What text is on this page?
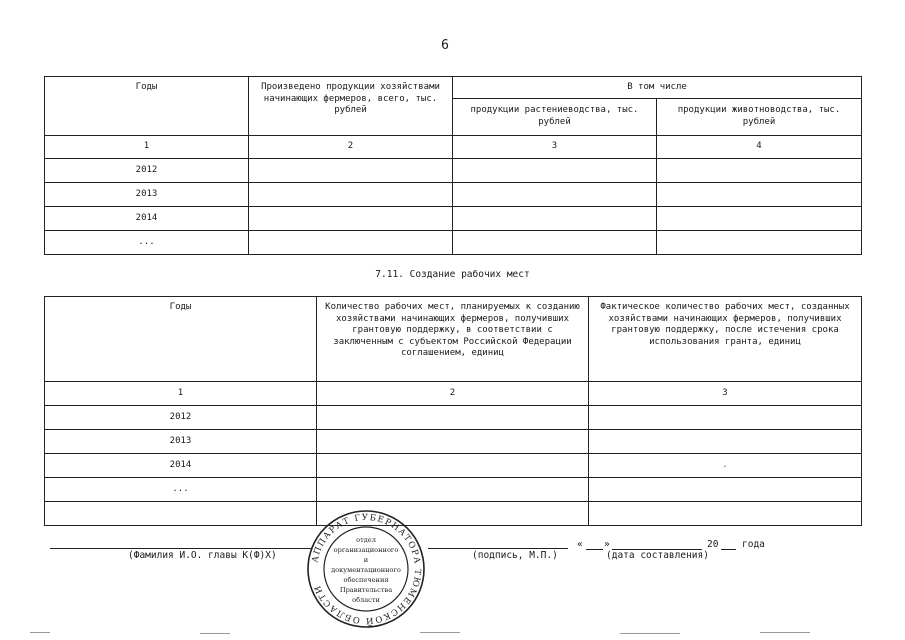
6
Годы	Произведено продукции хозяйствами начинающих фермеров, всего, тыс. рублей	В том числе	
		продукции растениеводства, тыс. рублей	продукции животноводства, тыс. рублей
1	2	3	4
2012			
2013			
2014			
...			
7.11. Создание рабочих мест
Годы	Количество рабочих мест, планируемых к созданию хозяйствами начинающих фермеров, получивших грантовую поддержку, в соответствии с заключенным с субъектом Российской Федерации соглашением, единиц	Фактическое количество рабочих мест, созданных хозяйствами начинающих фермеров, получивших грантовую поддержку, после истечения срока использования гранта, единиц
1	2	3
2012		
2013		
2014		.
...		

(Фамилия И.О. главы К(Ф)Х)	(подпись, М.П.)
« »	20 года
(дата составления)
АППАРАТ ГУБЕРНАТОРА ТЮМЕНСКОЙ ОБЛАСТИ
отдел
организационного
и
документационного
обеспечения
Правительства
области
